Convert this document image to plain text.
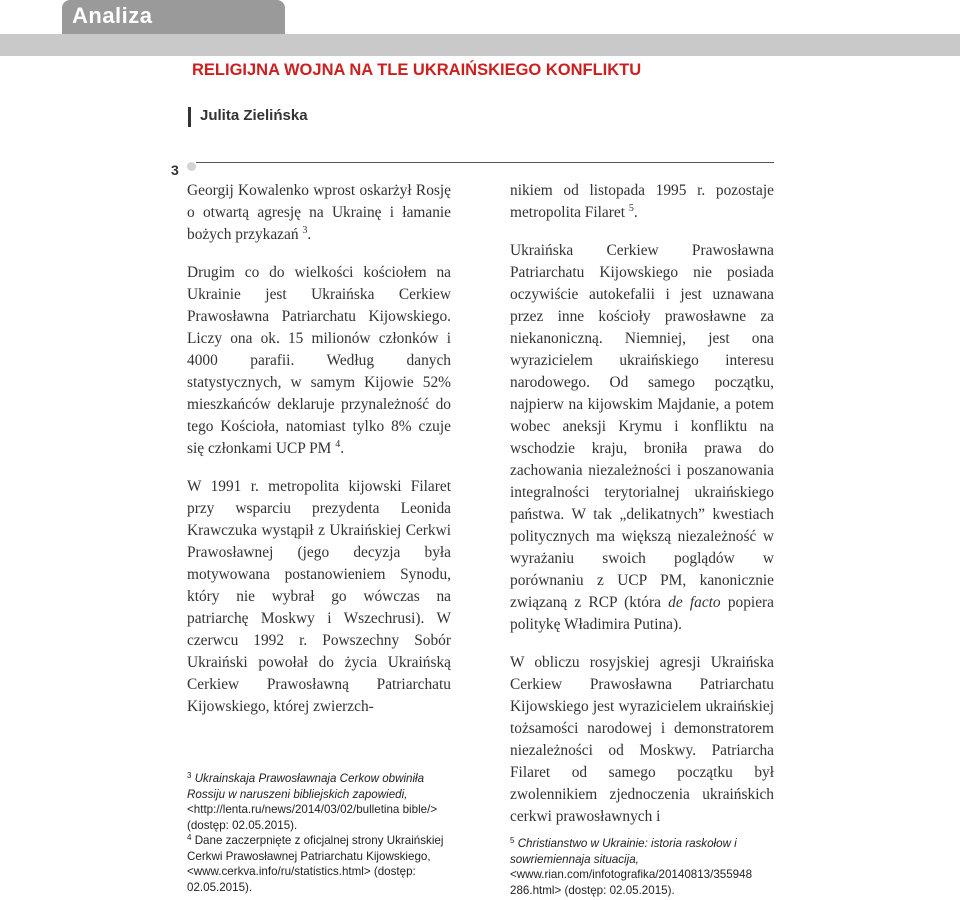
Analiza
RELIGIJNA WOJNA NA TLE UKRAIŃSKIEGO KONFLIKTU
Julita Zielińska
3

Georgij Kowalenko wprost oskarżył Rosję o otwartą agresję na Ukrainę i łamanie bożych przykazań $^3$.

Drugim co do wielkości kościołem na Ukrainie jest Ukraińska Cerkiew Prawosławna Patriarchatu Kijowskiego. Liczy ona ok. 15 milionów członków i 4000 parafii. Według danych statystycznych, w samym Kijowie 52% mieszkańców deklaruje przynależność do tego Kościoła, natomiast tylko 8% czuje się członkami UCP PM $^4$.

W 1991 r. metropolita kijowski Filaret przy wsparciu prezydenta Leonida Krawczuka wystąpił z Ukraińskiej Cerkwi Prawosławnej (jego decyzja była motywowana postanowieniem Synodu, który nie wybrał go wówczas na patriarchę Moskwy i Wszechrusi). W czerwcu 1992 r. Powszechny Sobór Ukraiński powołał do życia Ukraińską Cerkiew Prawosławną Patriarchatu Kijowskiego, której zwierzch-

nikiem od listopada 1995 r. pozostaje metropolita Filaret $^5$.

Ukraińska Cerkiew Prawosławna Patriarchatu Kijowskiego nie posiada oczywiście autokefalii i jest uznawana przez inne kościoły prawosławne za niekanoniczną. Niemniej, jest ona wyrazicielem ukraińskiego interesu narodowego. Od samego początku, najpierw na kijowskim Majdanie, a potem wobec aneksji Krymu i konfliktu na wschodzie kraju, broniła prawa do zachowania niezależności i poszanowania integralności terytorialnej ukraińskiego państwa. W tak „delikatnych” kwestiach politycznych ma większą niezależność w wyrażaniu swoich poglądów w porównaniu z UCP PM, kanonicznie związaną z RCP (która de facto popiera politykę Władimira Putina).

W obliczu rosyjskiej agresji Ukraińska Cerkiew Prawosławna Patriarchatu Kijowskiego jest wyrazicielem ukraińskiej tożsamości narodowej i demonstratorem niezależności od Moskwy. Patriarcha Filaret od samego początku był zwolennikiem zjednoczenia ukraińskich cerkwi prawosławnych i

$^3$ Ukrainskaja Prawosławnaja Cerkow obwiniła Rossiju w naruszeni bibliejskich zapowiedi, <http://lenta.ru/news/2014/03/02/bulletina bible/> (dostęp: 02.05.2015).
$^4$ Dane zaczerpnięte z oficjalnej strony Ukraińskiej Cerkwi Prawosławnej Patriarchatu Kijowskiego, <www.cerkva.info/ru/statistics.html> (dostęp: 02.05.2015).
$^5$ Christianstwo w Ukrainie: istoria raskołow i sowriemiennaja situacija, <www.rian.com/infotografika/20140813/355948 286.html> (dostęp: 02.05.2015).
